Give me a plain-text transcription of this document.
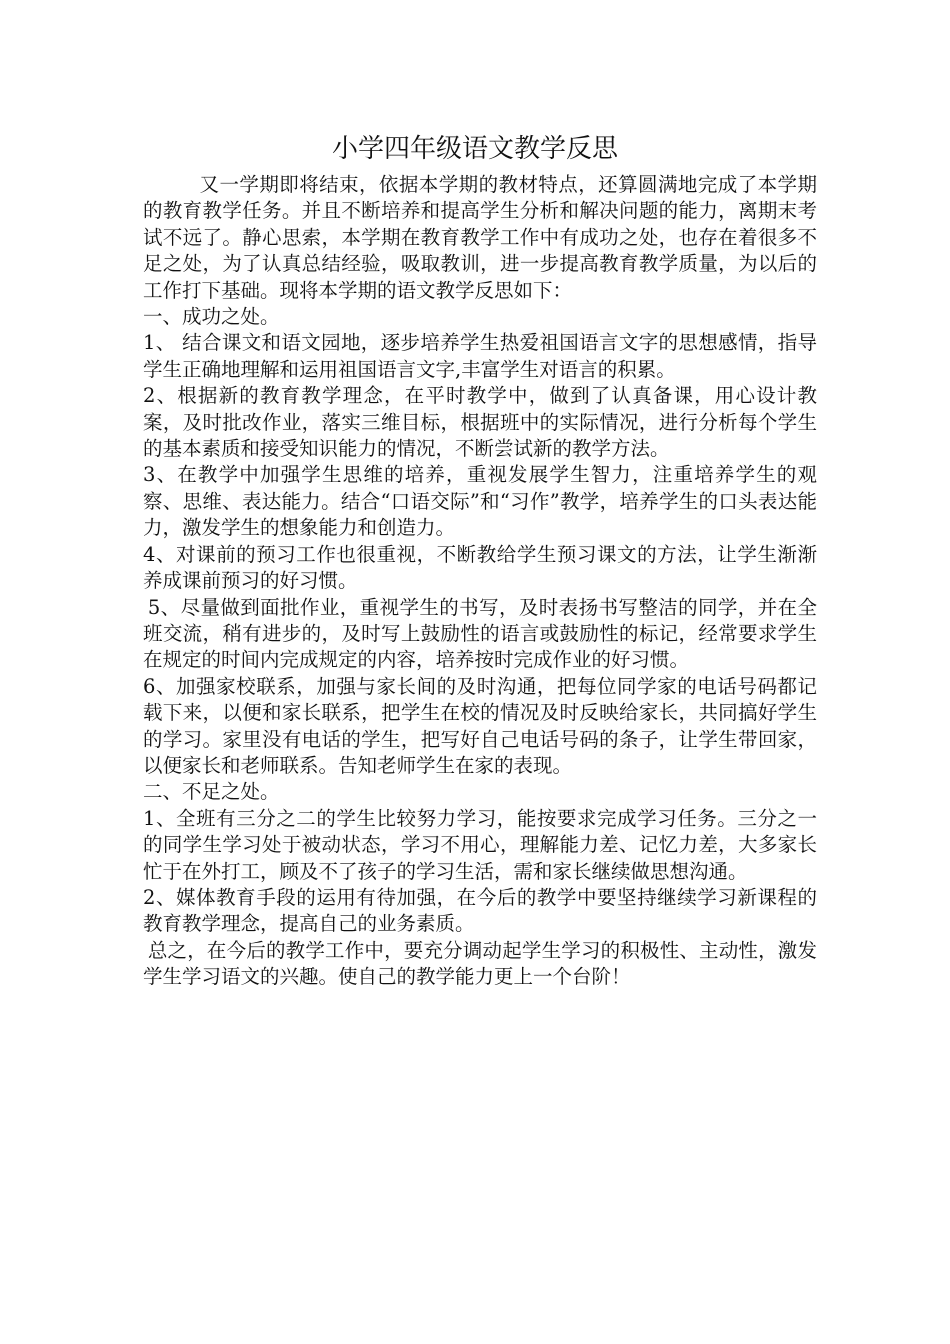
小学四年级语文教学反思

又一学期即将结束，依据本学期的教材特点，还算圆满地完成了本学期的教育教学任务。并且不断培养和提高学生分析和解决问题的能力，离期末考试不远了。静心思索，本学期在教育教学工作中有成功之处，也存在着很多不足之处，为了认真总结经验，吸取教训，进一步提高教育教学质量，为以后的工作打下基础。现将本学期的语文教学反思如下：

一、成功之处。

1、 结合课文和语文园地，逐步培养学生热爱祖国语言文字的思想感情，指导学生正确地理解和运用祖国语言文字,丰富学生对语言的积累。

2、根据新的教育教学理念，在平时教学中，做到了认真备课，用心设计教案，及时批改作业，落实三维目标，根据班中的实际情况，进行分析每个学生的基本素质和接受知识能力的情况，不断尝试新的教学方法。

3、在教学中加强学生思维的培养，重视发展学生智力，注重培养学生的观察、思维、表达能力。结合“口语交际”和“习作”教学，培养学生的口头表达能力，激发学生的想象能力和创造力。

4、对课前的预习工作也很重视，不断教给学生预习课文的方法，让学生渐渐养成课前预习的好习惯。

5、尽量做到面批作业，重视学生的书写，及时表扬书写整洁的同学，并在全班交流，稍有进步的，及时写上鼓励性的语言或鼓励性的标记，经常要求学生在规定的时间内完成规定的内容，培养按时完成作业的好习惯。

6、加强家校联系，加强与家长间的及时沟通，把每位同学家的电话号码都记载下来，以便和家长联系，把学生在校的情况及时反映给家长，共同搞好学生的学习。家里没有电话的学生，把写好自己电话号码的条子，让学生带回家，以便家长和老师联系。告知老师学生在家的表现。

二、不足之处。

1、全班有三分之二的学生比较努力学习，能按要求完成学习任务。三分之一的同学生学习处于被动状态，学习不用心，理解能力差、记忆力差，大多家长忙于在外打工，顾及不了孩子的学习生活，需和家长继续做思想沟通。

2、媒体教育手段的运用有待加强，在今后的教学中要坚持继续学习新课程的教育教学理念，提高自己的业务素质。

总之，在今后的教学工作中，要充分调动起学生学习的积极性、主动性，激发学生学习语文的兴趣。使自己的教学能力更上一个台阶！
